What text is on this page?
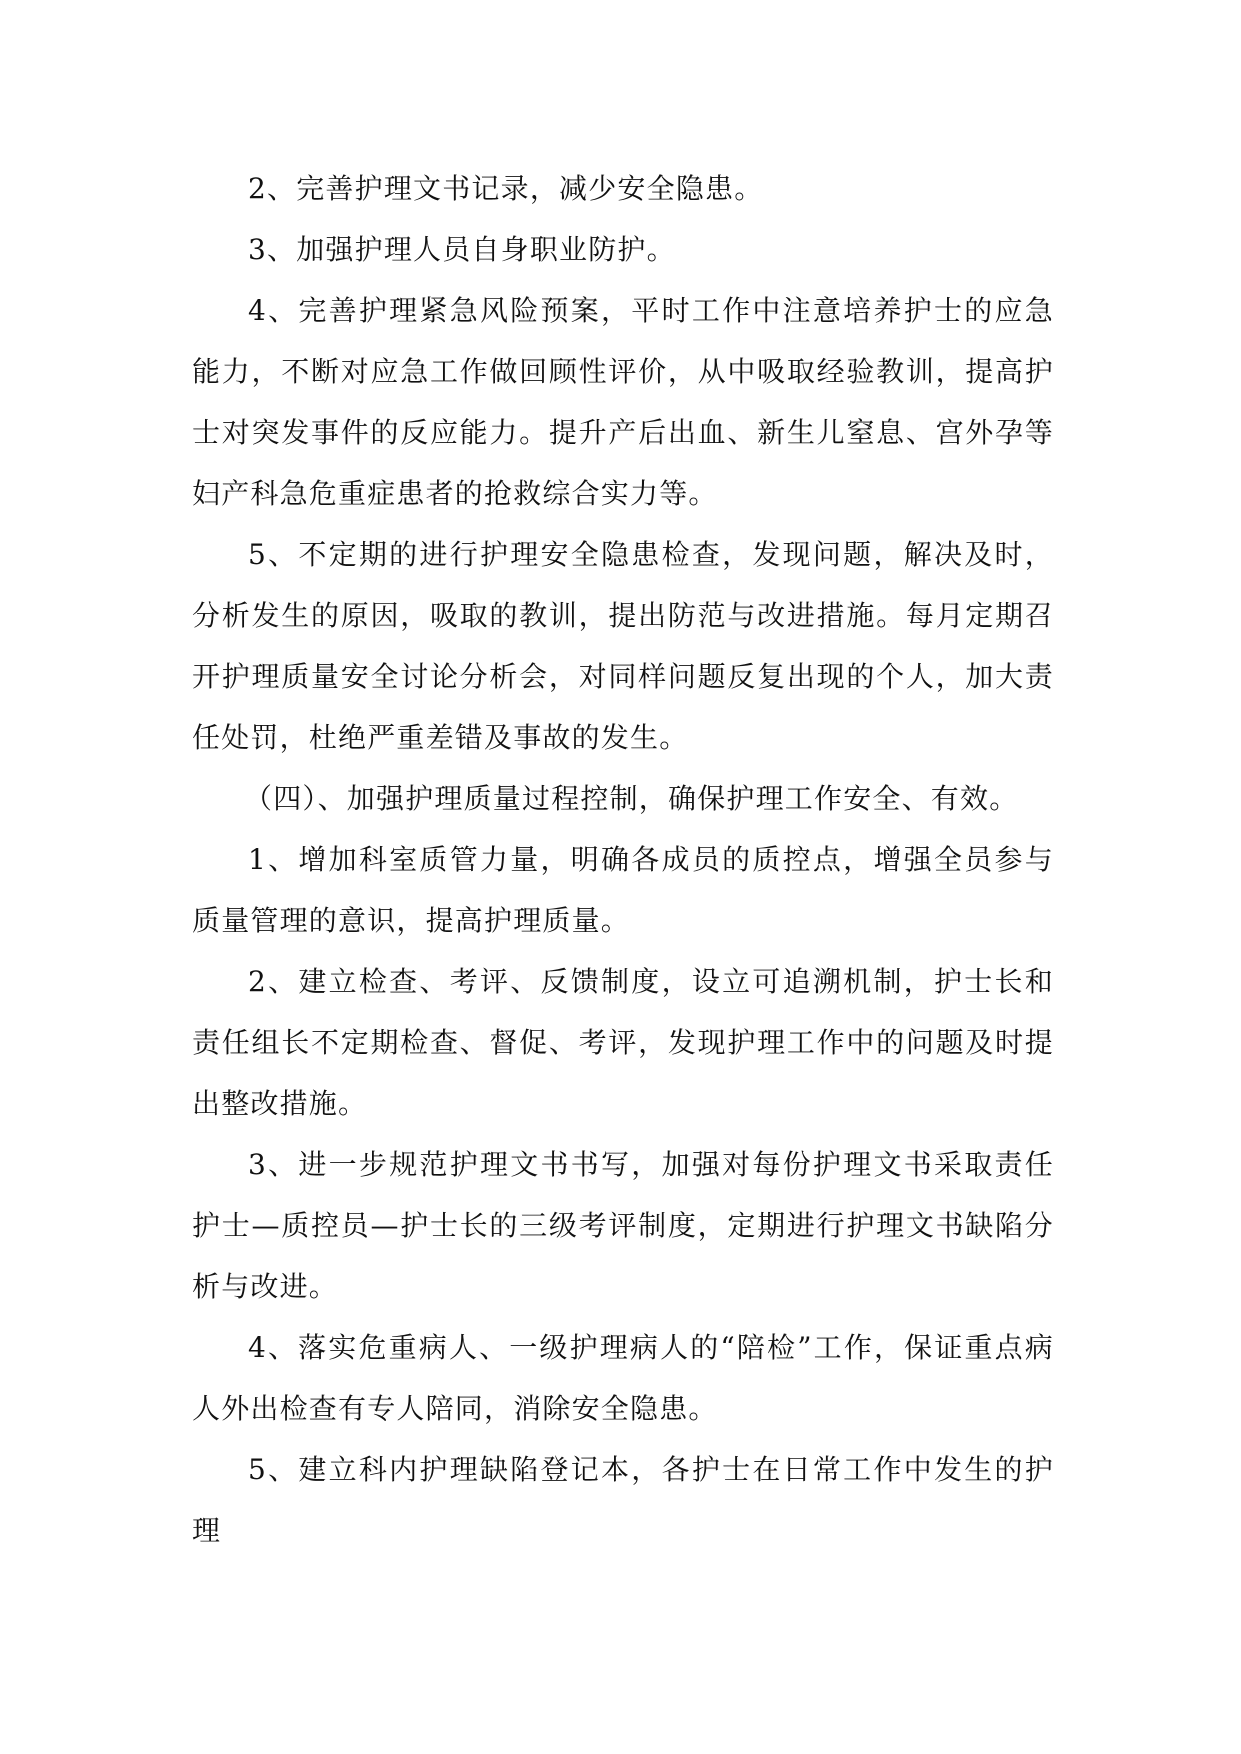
2、完善护理文书记录，减少安全隐患。

3、加强护理人员自身职业防护。

4、完善护理紧急风险预案，平时工作中注意培养护士的应急能力，不断对应急工作做回顾性评价，从中吸取经验教训，提高护士对突发事件的反应能力。提升产后出血、新生儿窒息、宫外孕等妇产科急危重症患者的抢救综合实力等。

5、不定期的进行护理安全隐患检查，发现问题，解决及时，分析发生的原因，吸取的教训，提出防范与改进措施。每月定期召开护理质量安全讨论分析会，对同样问题反复出现的个人，加大责任处罚，杜绝严重差错及事故的发生。

（四）、加强护理质量过程控制，确保护理工作安全、有效。

1、增加科室质管力量，明确各成员的质控点，增强全员参与质量管理的意识，提高护理质量。

2、建立检查、考评、反馈制度，设立可追溯机制，护士长和责任组长不定期检查、督促、考评，发现护理工作中的问题及时提出整改措施。

3、进一步规范护理文书书写，加强对每份护理文书采取责任护士—质控员—护士长的三级考评制度，定期进行护理文书缺陷分析与改进。

4、落实危重病人、一级护理病人的“陪检”工作，保证重点病人外出检查有专人陪同，消除安全隐患。

5、建立科内护理缺陷登记本，各护士在日常工作中发生的护理
